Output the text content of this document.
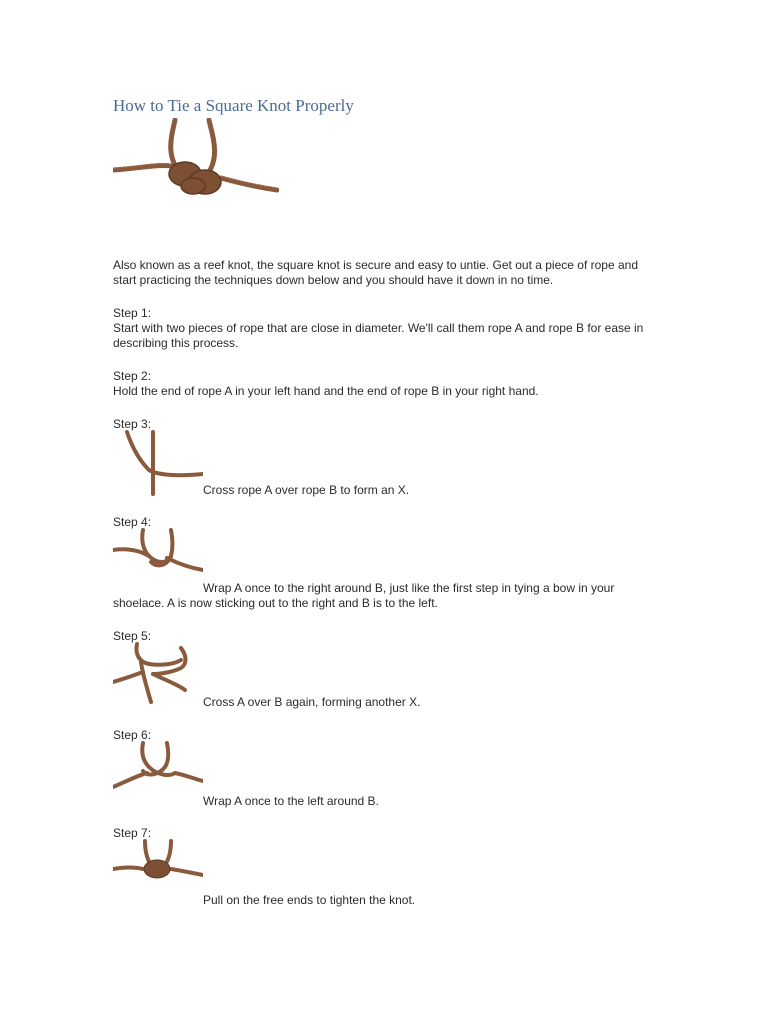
How to Tie a Square Knot Properly

Also known as a reef knot, the square knot is secure and easy to untie. Get out a piece of rope and start practicing the techniques down below and you should have it down in no time.

Step 1:

Start with two pieces of rope that are close in diameter. We'll call them rope A and rope B for ease in describing this process.

Step 2:

Hold the end of rope A in your left hand and the end of rope B in your right hand.

Step 3:

Cross rope A over rope B to form an X.

Step 4:

Wrap A once to the right around B, just like the first step in tying a bow in your shoelace. A is now sticking out to the right and B is to the left.

Step 5:

Cross A over B again, forming another X.

Step 6:

Wrap A once to the left around B.

Step 7:

Pull on the free ends to tighten the knot.
